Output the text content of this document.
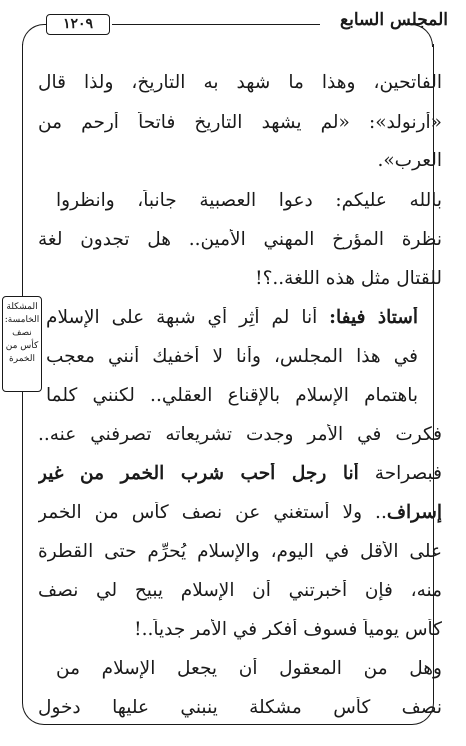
المجلس السابع
١٢٠٩
الفاتحين، وهذا ما شهد به التاريخ، ولذا قال
«أرنولد»: «لم يشهد التاريخ فاتحاً أرحم من
العرب».
بالله عليكم: دعوا العصبية جانباً، وانظروا
نظرة المؤرخ المهني الأمين.. هل تجدون لغة
للقتال مثل هذه اللغة..؟!
أستاذ فيفا: أنا لم أُثِر أي شبهة على الإسلام
في هذا المجلس، وأنا لا أخفيك أنني معجب
باهتمام الإسلام بالإقناع العقلي.. لكنني كلما
فكرت في الأمر وجدت تشريعاته تصرفني عنه..
فبصراحة أنا رجل أحب شرب الخمر من غير
إسراف.. ولا أستغني عن نصف كأس من الخمر
على الأقل في اليوم، والإسلام يُحرِّم حتى القطرة
منه، فإن أخبرتني أن الإسلام يبيح لي نصف
كأس يومياً فسوف أفكر في الأمر جدياً..!
وهل من المعقول أن يجعل الإسلام من
نصف كأس مشكلة ينبني عليها دخول
المشكلة
الخامسة:
نصف
كأس من
الخمرة
